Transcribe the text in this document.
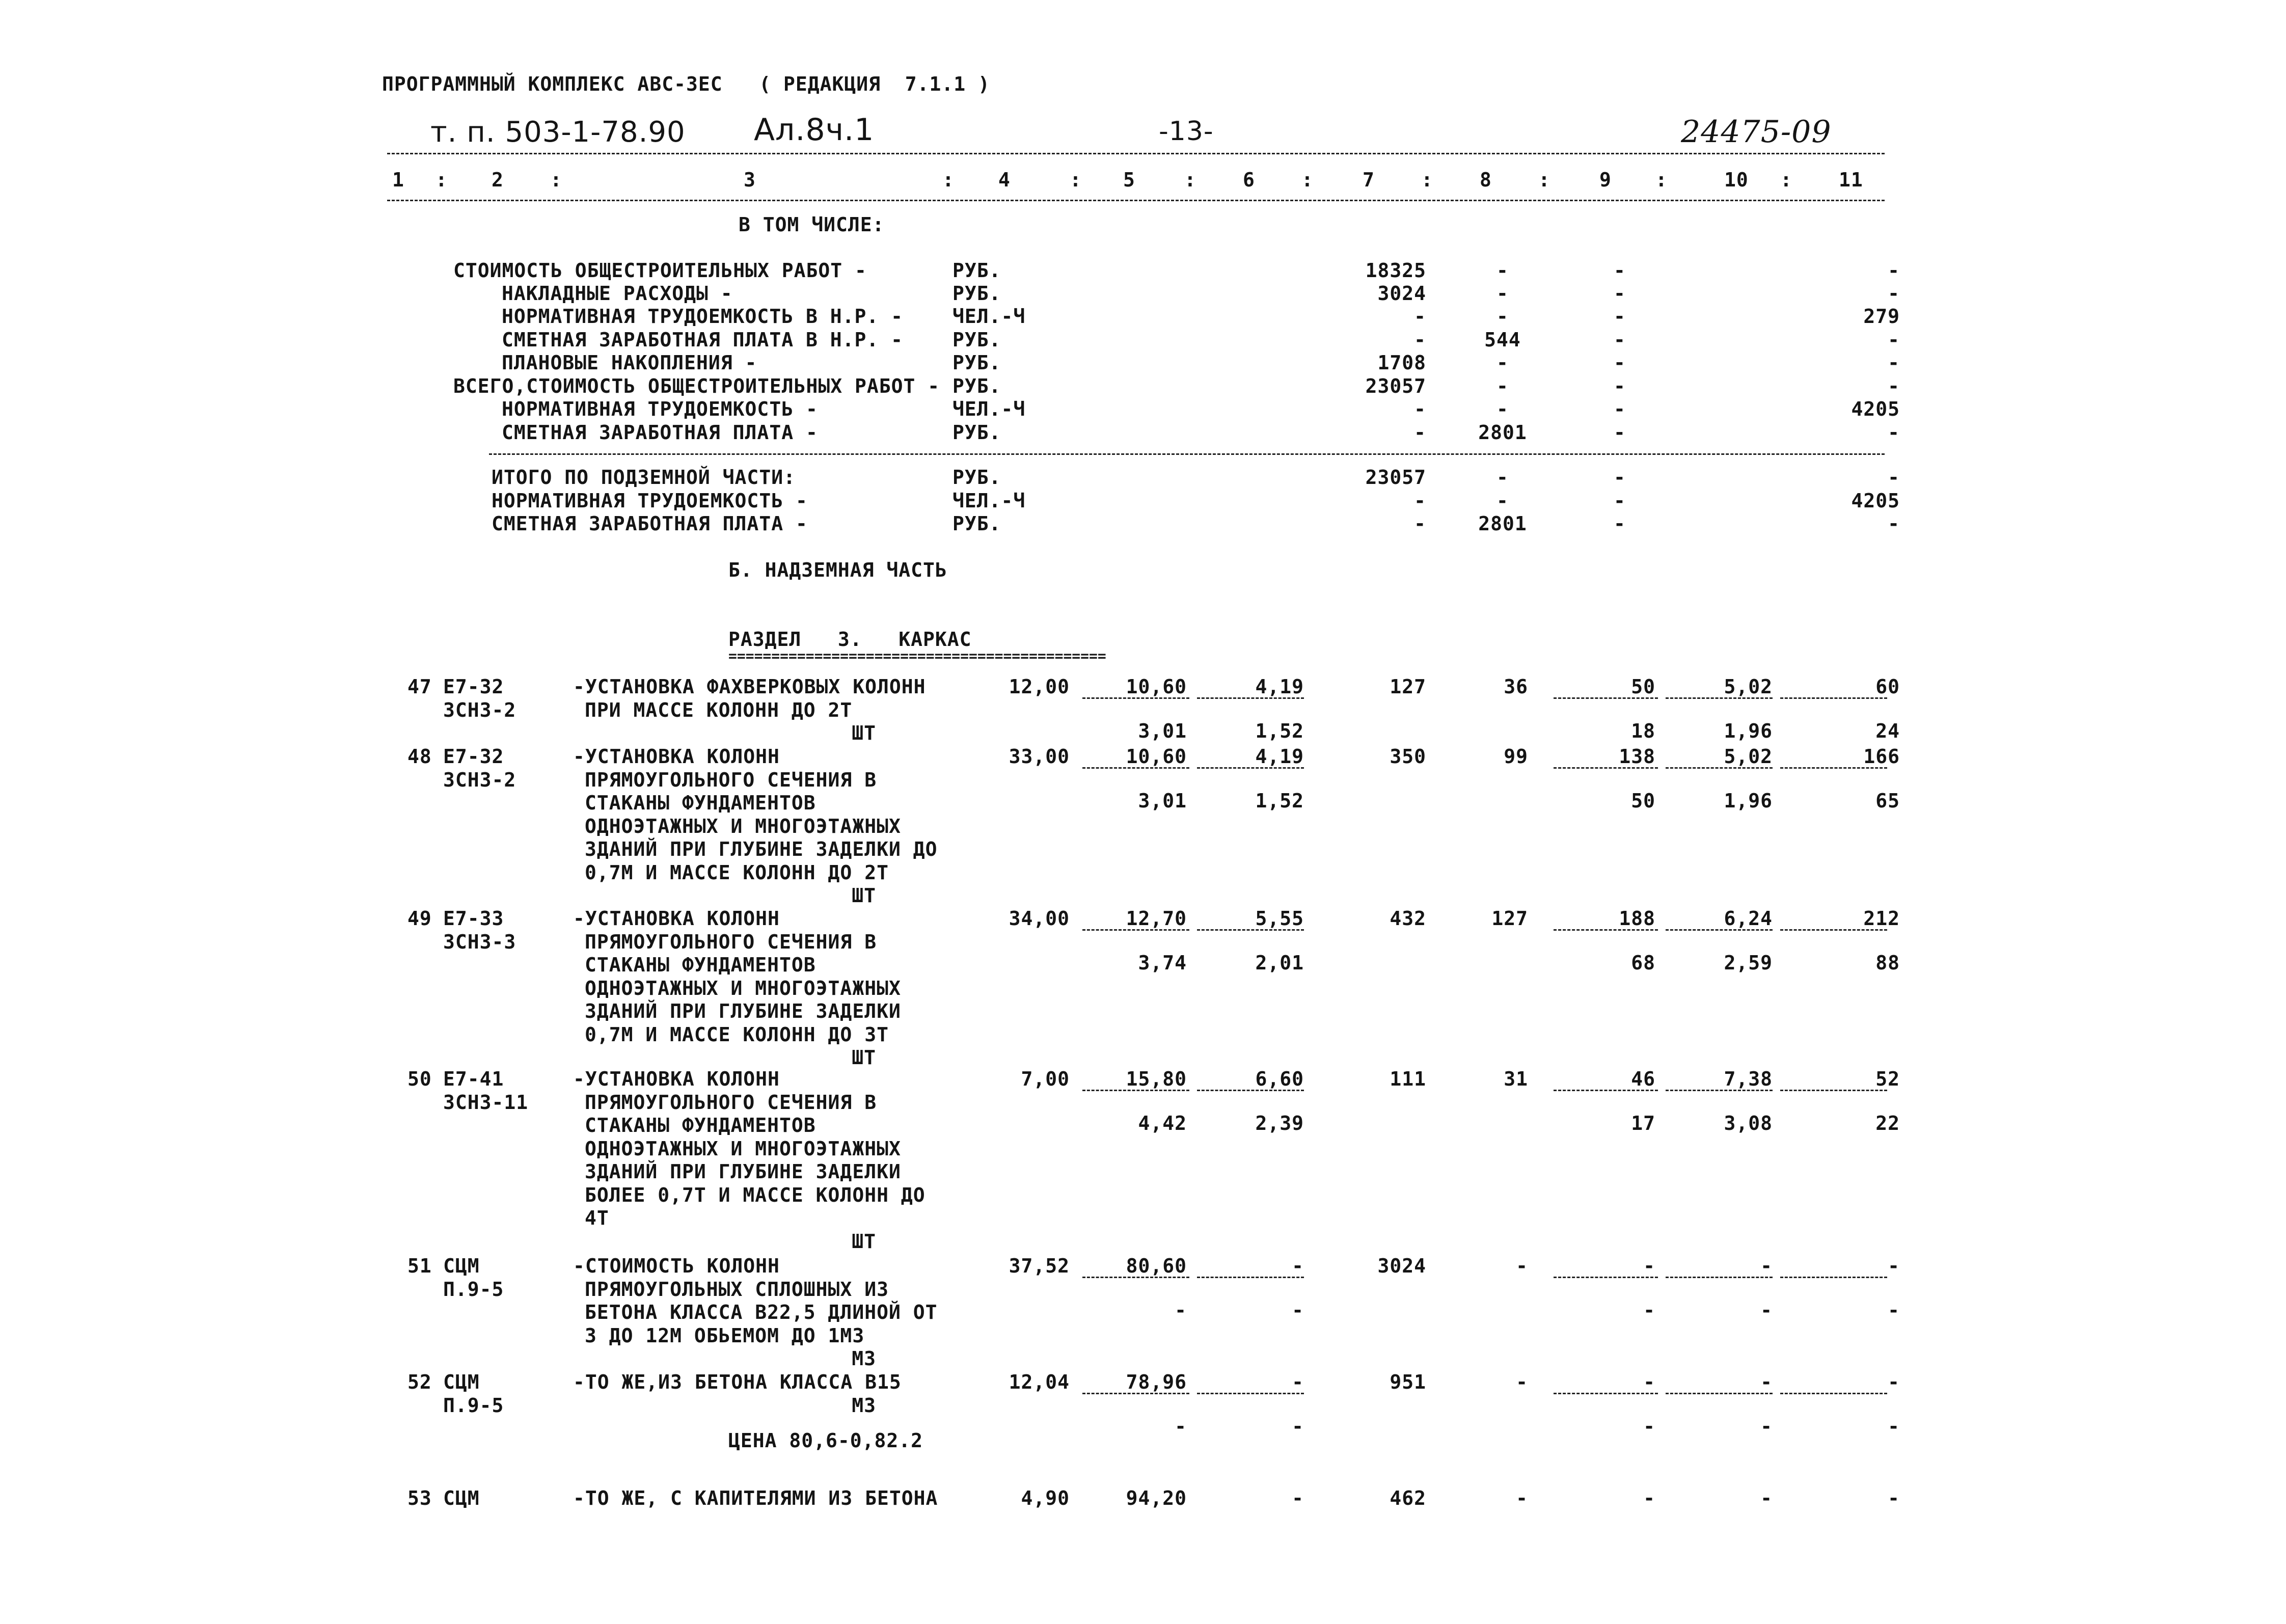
ПРОГРАММНЫЙ КОМПЛЕКС АВС-3ЕС   ( РЕДАКЦИЯ  7.1.1 )
т. п. 503-1-78.90 Ал.8ч.1	-13-	24475-09
1 : 2 :	3	: 4	: 5	: 6 :	7 : 8 :	9 :	10 : 11
В ТОМ ЧИСЛЕ:
СТОИМОСТЬ ОБЩЕСТРОИТЕЛЬНЫХ РАБОТ -	РУБ.	18325	-	-	-
НАКЛАДНЫЕ РАСХОДЫ -	РУБ.	3024	-	-	-
НОРМАТИВНАЯ ТРУДОЕМКОСТЬ В Н.Р. -	ЧЕЛ.-Ч	-	-	-	279
СМЕТНАЯ ЗАРАБОТНАЯ ПЛАТА В Н.Р. -	РУБ.	-	544	-	-
ПЛАНОВЫЕ НАКОПЛЕНИЯ -	РУБ.	1708	-	-	-
ВСЕГО,СТОИМОСТЬ ОБЩЕСТРОИТЕЛЬНЫХ РАБОТ - РУБ.	23057	-	-	-
НОРМАТИВНАЯ ТРУДОЕМКОСТЬ -	ЧЕЛ.-Ч	-	-	-	4205
СМЕТНАЯ ЗАРАБОТНАЯ ПЛАТА -	РУБ.	-	2801	-	-
ИТОГО ПО ПОДЗЕМНОЙ ЧАСТИ:	РУБ.	23057	-	-	-
НОРМАТИВНАЯ ТРУДОЕМКОСТЬ -	ЧЕЛ.-Ч	-	-	-	4205
СМЕТНАЯ ЗАРАБОТНАЯ ПЛАТА -	РУБ.	-	2801	-	-
Б. НАДЗЕМНАЯ ЧАСТЬ
РАЗДЕЛ   3.   КАРКАС
============================================
47 Е7-32
ЗСН3-2
-УСТАНОВКА ФАХВЕРКОВЫХ КОЛОНН
ПРИ МАССЕ КОЛОНН ДО 2Т
ШТ
12,00	10,60	4,19	127	36	50	5,02	60
3,01	1,52	18	1,96	24
48 Е7-32
ЗСН3-2
-УСТАНОВКА КОЛОНН
ПРЯМОУГОЛЬНОГО СЕЧЕНИЯ В
СТАКАНЫ ФУНДАМЕНТОВ
ОДНОЭТАЖНЫХ И МНОГОЭТАЖНЫХ
ЗДАНИЙ ПРИ ГЛУБИНЕ ЗАДЕЛКИ ДО
0,7М И МАССЕ КОЛОНН ДО 2Т
ШТ
33,00	10,60	4,19	350	99	138	5,02	166
3,01	1,52	50	1,96	65
49 Е7-33
ЗСН3-3
-УСТАНОВКА КОЛОНН
ПРЯМОУГОЛЬНОГО СЕЧЕНИЯ В
СТАКАНЫ ФУНДАМЕНТОВ
ОДНОЭТАЖНЫХ И МНОГОЭТАЖНЫХ
ЗДАНИЙ ПРИ ГЛУБИНЕ ЗАДЕЛКИ
0,7М И МАССЕ КОЛОНН ДО 3Т
ШТ
34,00	12,70	5,55	432	127	188	6,24	212
3,74	2,01	68	2,59	88
50 Е7-41
ЗСН3-11
-УСТАНОВКА КОЛОНН
ПРЯМОУГОЛЬНОГО СЕЧЕНИЯ В
СТАКАНЫ ФУНДАМЕНТОВ
ОДНОЭТАЖНЫХ И МНОГОЭТАЖНЫХ
ЗДАНИЙ ПРИ ГЛУБИНЕ ЗАДЕЛКИ
БОЛЕЕ 0,7Т И МАССЕ КОЛОНН ДО
4Т
ШТ
7,00	15,80	6,60	111	31	46	7,38	52
4,42	2,39	17	3,08	22
51 СЦМ
П.9-5
-СТОИМОСТЬ КОЛОНН
ПРЯМОУГОЛЬНЫХ СПЛОШНЫХ ИЗ
БЕТОНА КЛАССА В22,5 ДЛИНОЙ ОТ
3 ДО 12М ОБЬЕМОМ ДО 1М3
М3
37,52	80,60	-	3024	-	-	-	-
-	-	-	-	-
52 СЦМ
П.9-5
-ТО ЖЕ,ИЗ БЕТОНА КЛАССА В15
М3
12,04	78,96	-	951	-	-	-	-
-	-	-	-	-
53 СЦМ	-ТО ЖЕ, С КАПИТЕЛЯМИ ИЗ БЕТОНА	4,90	94,20	-	462	-	-	-	-
ЦЕНА 80,6-0,82.2
